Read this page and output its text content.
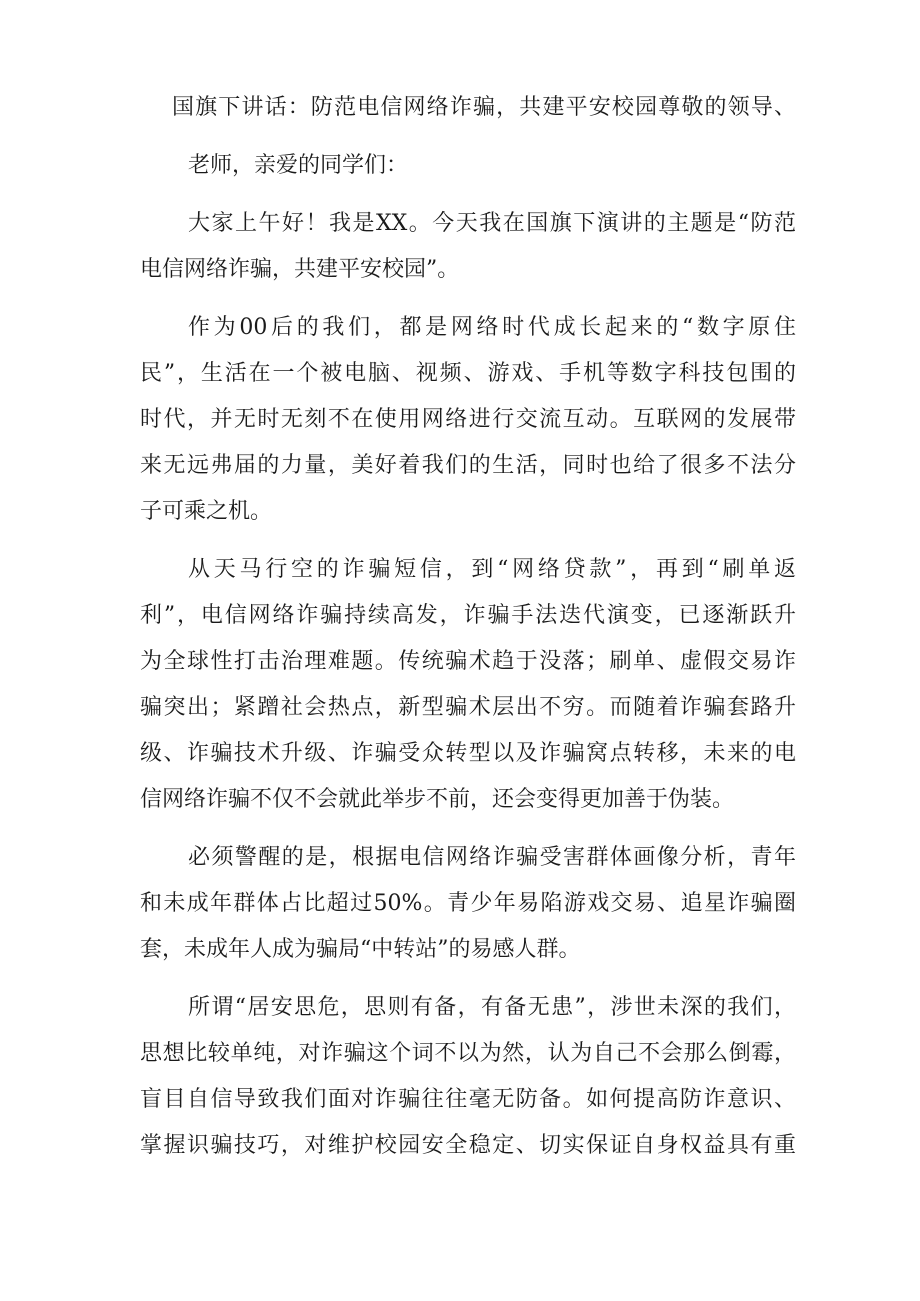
国旗下讲话：防范电信网络诈骗，共建平安校园尊敬的领导、
老师，亲爱的同学们：
大家上午好！我是XX。今天我在国旗下演讲的主题是“防范
电信网络诈骗，共建平安校园”。
作为00后的我们，都是网络时代成长起来的“数字原住
民”，生活在一个被电脑、视频、游戏、手机等数字科技包围的
时代，并无时无刻不在使用网络进行交流互动。互联网的发展带
来无远弗届的力量，美好着我们的生活，同时也给了很多不法分
子可乘之机。
从天马行空的诈骗短信，到“网络贷款”，再到“刷单返
利”，电信网络诈骗持续高发，诈骗手法迭代演变，已逐渐跃升
为全球性打击治理难题。传统骗术趋于没落；刷单、虚假交易诈
骗突出；紧蹭社会热点，新型骗术层出不穷。而随着诈骗套路升
级、诈骗技术升级、诈骗受众转型以及诈骗窝点转移，未来的电
信网络诈骗不仅不会就此举步不前，还会变得更加善于伪装。
必须警醒的是，根据电信网络诈骗受害群体画像分析，青年
和未成年群体占比超过50%。青少年易陷游戏交易、追星诈骗圈
套，未成年人成为骗局“中转站”的易感人群。
所谓“居安思危，思则有备，有备无患”，涉世未深的我们，
思想比较单纯，对诈骗这个词不以为然，认为自己不会那么倒霉，
盲目自信导致我们面对诈骗往往毫无防备。如何提高防诈意识、
掌握识骗技巧，对维护校园安全稳定、切实保证自身权益具有重
